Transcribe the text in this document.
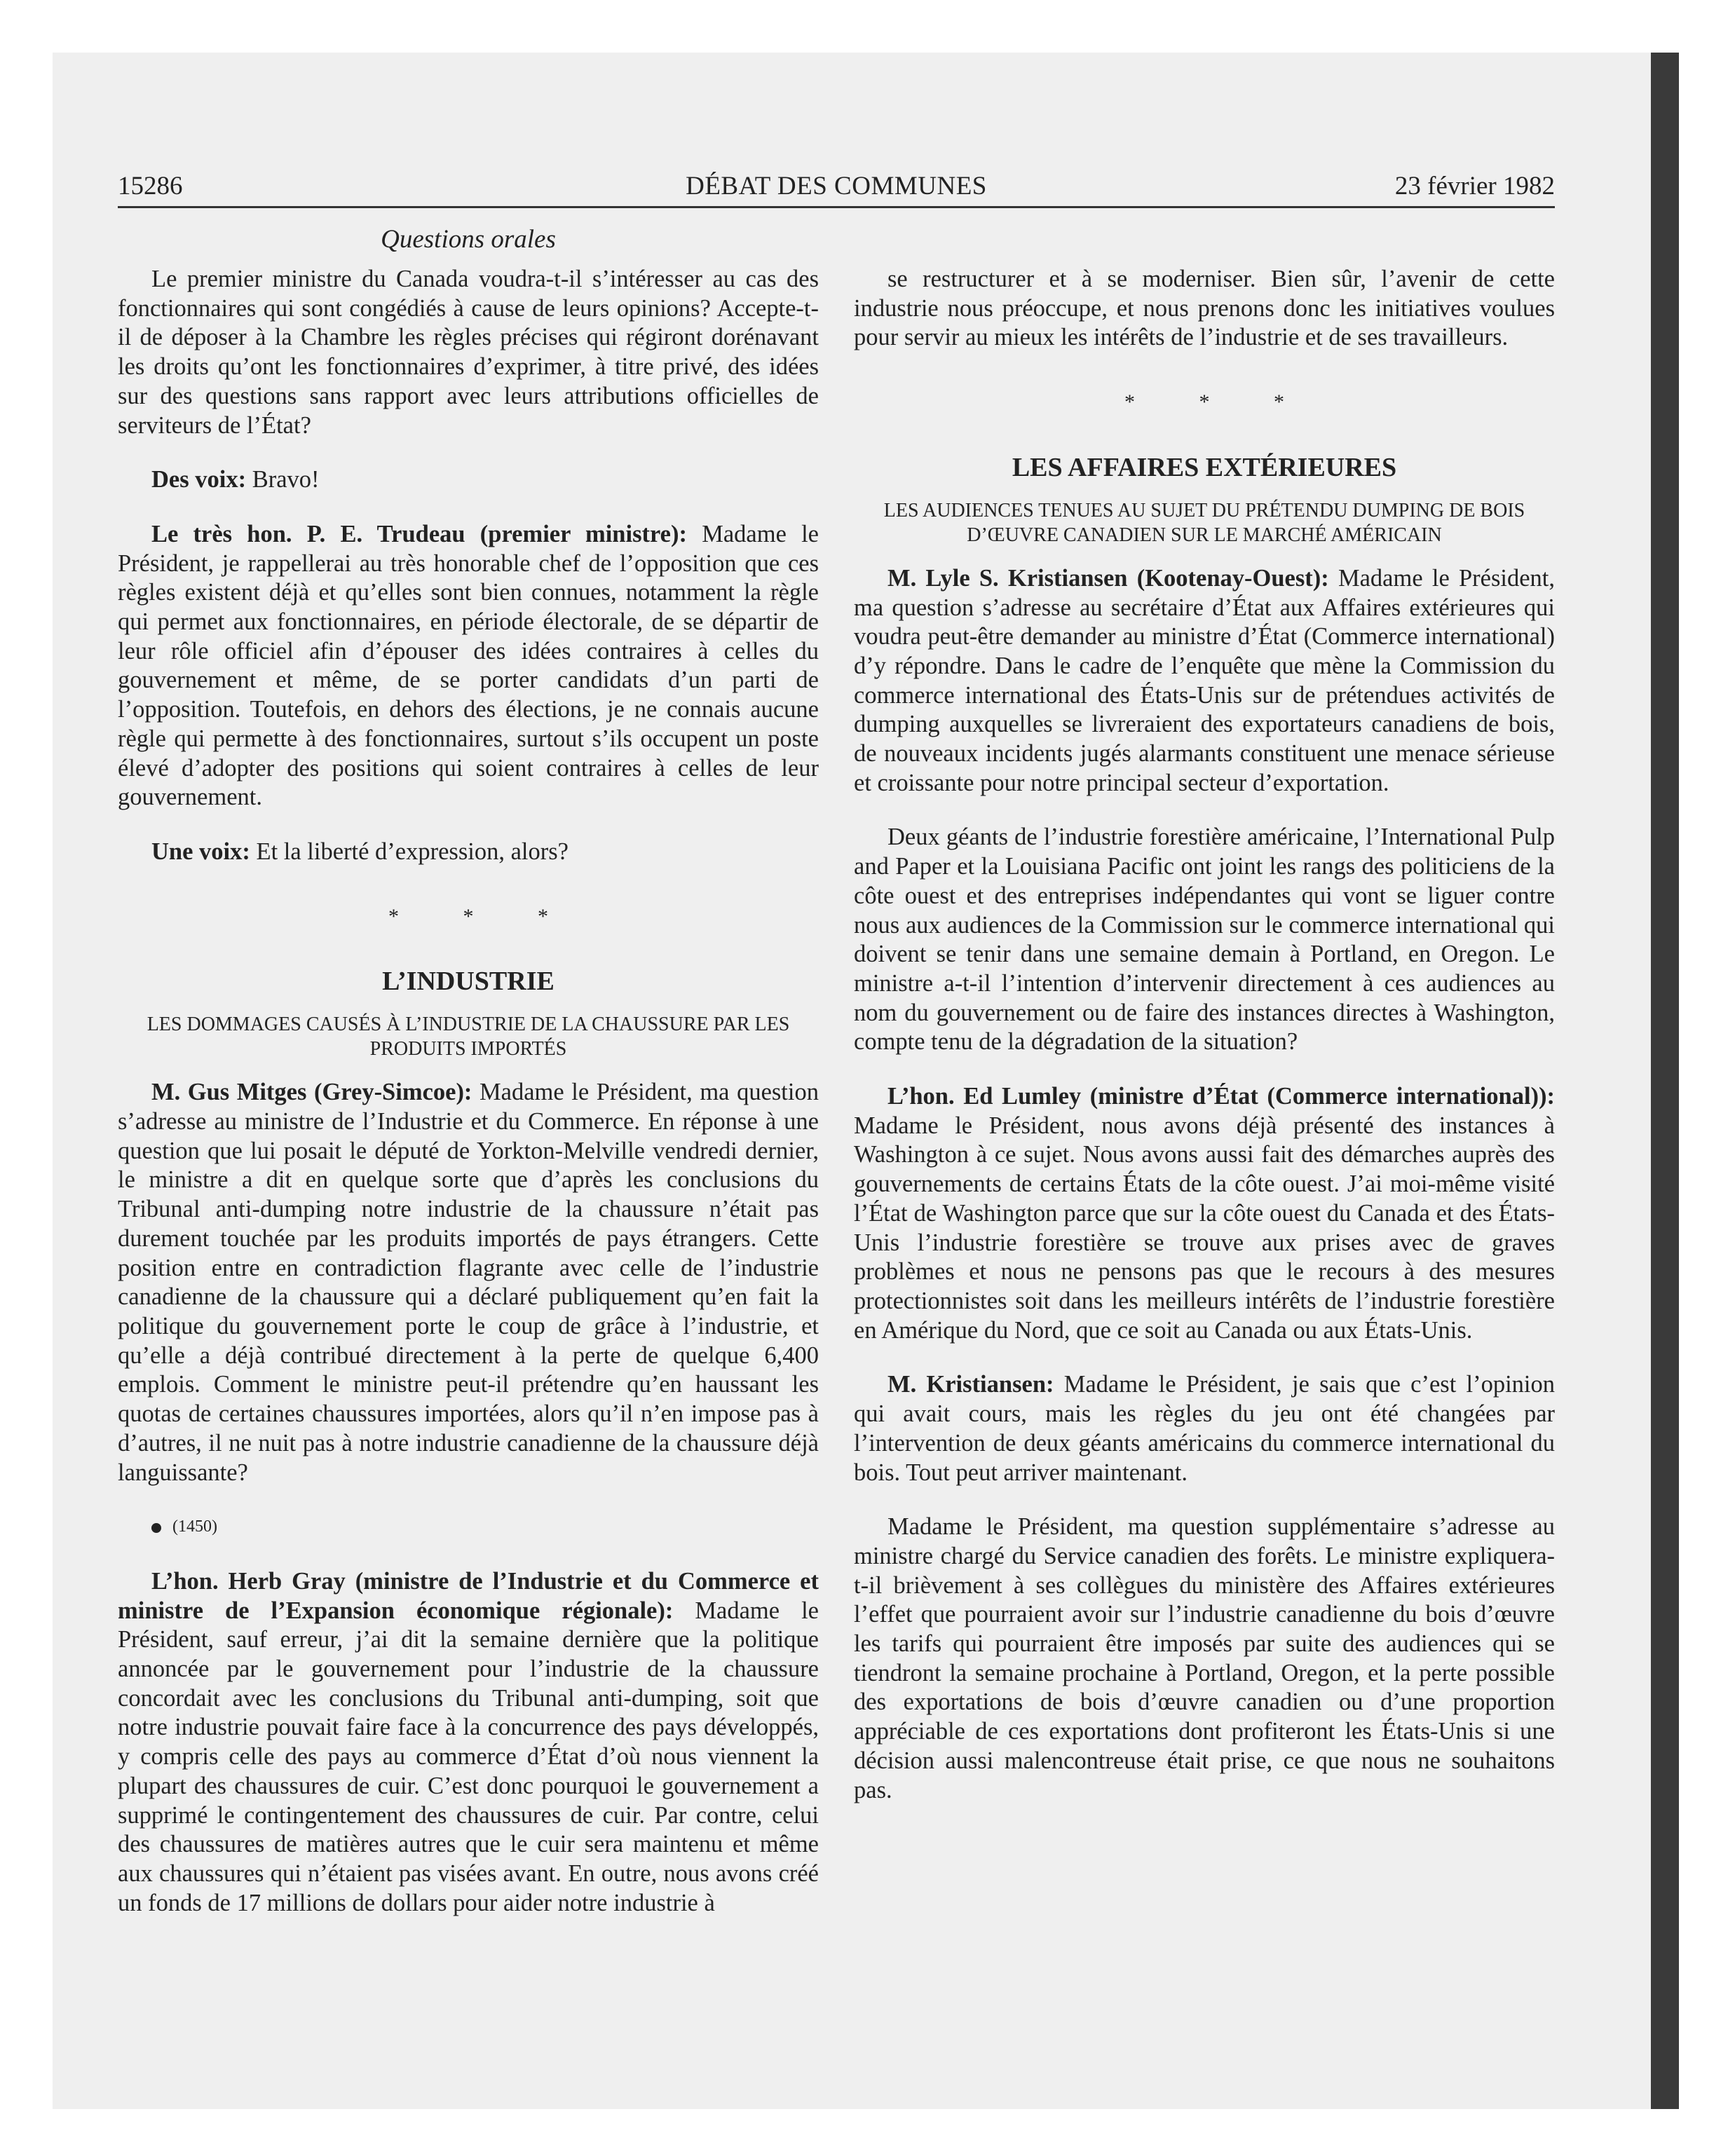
15286	DÉBAT DES COMMUNES	23 février 1982
Questions orales

Le premier ministre du Canada voudra-t-il s’intéresser au cas des fonctionnaires qui sont congédiés à cause de leurs opinions? Accepte-t-il de déposer à la Chambre les règles précises qui régiront dorénavant les droits qu’ont les fonctionnaires d’exprimer, à titre privé, des idées sur des questions sans rapport avec leurs attributions officielles de serviteurs de l’État?

Des voix: Bravo!

Le très hon. P. E. Trudeau (premier ministre): Madame le Président, je rappellerai au très honorable chef de l’opposition que ces règles existent déjà et qu’elles sont bien connues, notamment la règle qui permet aux fonctionnaires, en période électorale, de se départir de leur rôle officiel afin d’épouser des idées contraires à celles du gouvernement et même, de se porter candidats d’un parti de l’opposition. Toutefois, en dehors des élections, je ne connais aucune règle qui permette à des fonctionnaires, surtout s’ils occupent un poste élevé d’adopter des positions qui soient contraires à celles de leur gouvernement.

Une voix: Et la liberté d’expression, alors?

* * *
L’INDUSTRIE
LES DOMMAGES CAUSÉS À L’INDUSTRIE DE LA CHAUSSURE PAR LES PRODUITS IMPORTÉS

M. Gus Mitges (Grey-Simcoe): Madame le Président, ma question s’adresse au ministre de l’Industrie et du Commerce. En réponse à une question que lui posait le député de Yorkton-Melville vendredi dernier, le ministre a dit en quelque sorte que d’après les conclusions du Tribunal anti-dumping notre industrie de la chaussure n’était pas durement touchée par les produits importés de pays étrangers. Cette position entre en contradiction flagrante avec celle de l’industrie canadienne de la chaussure qui a déclaré publiquement qu’en fait la politique du gouvernement porte le coup de grâce à l’industrie, et qu’elle a déjà contribué directement à la perte de quelque 6,400 emplois. Comment le ministre peut-il prétendre qu’en haussant les quotas de certaines chaussures importées, alors qu’il n’en impose pas à d’autres, il ne nuit pas à notre industrie canadienne de la chaussure déjà languissante?

(1450)

L’hon. Herb Gray (ministre de l’Industrie et du Commerce et ministre de l’Expansion économique régionale): Madame le Président, sauf erreur, j’ai dit la semaine dernière que la politique annoncée par le gouvernement pour l’industrie de la chaussure concordait avec les conclusions du Tribunal anti-dumping, soit que notre industrie pouvait faire face à la concurrence des pays développés, y compris celle des pays au commerce d’État d’où nous viennent la plupart des chaussures de cuir. C’est donc pourquoi le gouvernement a supprimé le contingentement des chaussures de cuir. Par contre, celui des chaussures de matières autres que le cuir sera maintenu et même aux chaussures qui n’étaient pas visées avant. En outre, nous avons créé un fonds de 17 millions de dollars pour aider notre industrie à

se restructurer et à se moderniser. Bien sûr, l’avenir de cette industrie nous préoccupe, et nous prenons donc les initiatives voulues pour servir au mieux les intérêts de l’industrie et de ses travailleurs.

* * *
LES AFFAIRES EXTÉRIEURES
LES AUDIENCES TENUES AU SUJET DU PRÉTENDU DUMPING DE BOIS D’ŒUVRE CANADIEN SUR LE MARCHÉ AMÉRICAIN

M. Lyle S. Kristiansen (Kootenay-Ouest): Madame le Président, ma question s’adresse au secrétaire d’État aux Affaires extérieures qui voudra peut-être demander au ministre d’État (Commerce international) d’y répondre. Dans le cadre de l’enquête que mène la Commission du commerce international des États-Unis sur de prétendues activités de dumping auxquelles se livreraient des exportateurs canadiens de bois, de nouveaux incidents jugés alarmants constituent une menace sérieuse et croissante pour notre principal secteur d’exportation.

Deux géants de l’industrie forestière américaine, l’International Pulp and Paper et la Louisiana Pacific ont joint les rangs des politiciens de la côte ouest et des entreprises indépendantes qui vont se liguer contre nous aux audiences de la Commission sur le commerce international qui doivent se tenir dans une semaine demain à Portland, en Oregon. Le ministre a-t-il l’intention d’intervenir directement à ces audiences au nom du gouvernement ou de faire des instances directes à Washington, compte tenu de la dégradation de la situation?

L’hon. Ed Lumley (ministre d’État (Commerce international)): Madame le Président, nous avons déjà présenté des instances à Washington à ce sujet. Nous avons aussi fait des démarches auprès des gouvernements de certains États de la côte ouest. J’ai moi-même visité l’État de Washington parce que sur la côte ouest du Canada et des États-Unis l’industrie forestière se trouve aux prises avec de graves problèmes et nous ne pensons pas que le recours à des mesures protectionnistes soit dans les meilleurs intérêts de l’industrie forestière en Amérique du Nord, que ce soit au Canada ou aux États-Unis.

M. Kristiansen: Madame le Président, je sais que c’est l’opinion qui avait cours, mais les règles du jeu ont été changées par l’intervention de deux géants américains du commerce international du bois. Tout peut arriver maintenant.

Madame le Président, ma question supplémentaire s’adresse au ministre chargé du Service canadien des forêts. Le ministre expliquera-t-il brièvement à ses collègues du ministère des Affaires extérieures l’effet que pourraient avoir sur l’industrie canadienne du bois d’œuvre les tarifs qui pourraient être imposés par suite des audiences qui se tiendront la semaine prochaine à Portland, Oregon, et la perte possible des exportations de bois d’œuvre canadien ou d’une proportion appréciable de ces exportations dont profiteront les États-Unis si une décision aussi malencontreuse était prise, ce que nous ne souhaitons pas.
